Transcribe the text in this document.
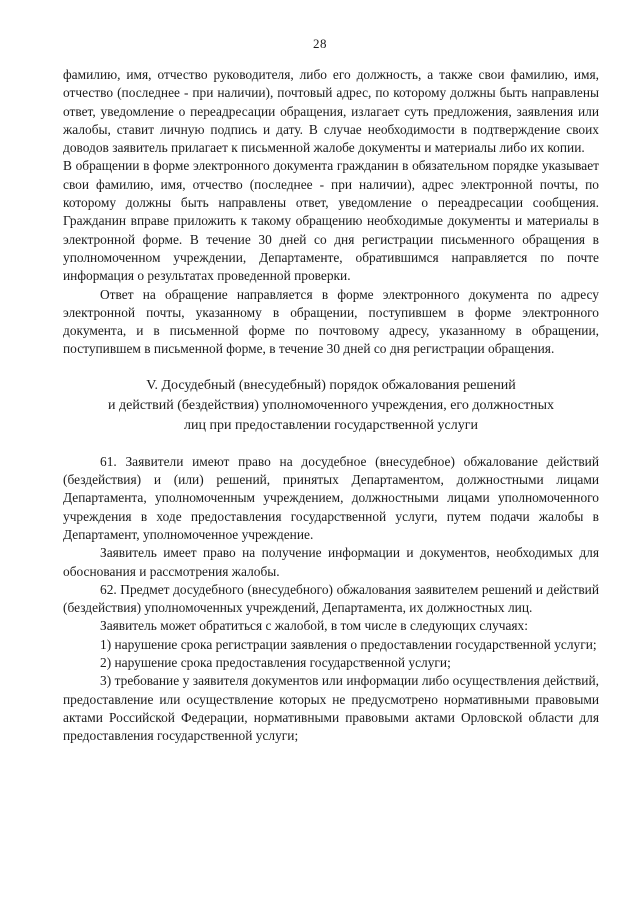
28

фамилию, имя, отчество руководителя, либо его должность, а также свои фамилию, имя, отчество (последнее - при наличии), почтовый адрес, по которому должны быть направлены ответ, уведомление о переадресации обращения, излагает суть предложения, заявления или жалобы, ставит личную подпись и дату. В случае необходимости в подтверждение своих доводов заявитель прилагает к письменной жалобе документы и материалы либо их копии.

В обращении в форме электронного документа гражданин в обязательном порядке указывает свои фамилию, имя, отчество (последнее - при наличии), адрес электронной почты, по которому должны быть направлены ответ, уведомление о переадресации сообщения. Гражданин вправе приложить к такому обращению необходимые документы и материалы в электронной форме. В течение 30 дней со дня регистрации письменного обращения в уполномоченном учреждении, Департаменте, обратившимся направляется по почте информация о результатах проведенной проверки.

Ответ на обращение направляется в форме электронного документа по адресу электронной почты, указанному в обращении, поступившем в форме электронного документа, и в письменной форме по почтовому адресу, указанному в обращении, поступившем в письменной форме, в течение 30 дней со дня регистрации обращения.

V. Досудебный (внесудебный) порядок обжалования решений
и действий (бездействия) уполномоченного учреждения, его должностных
лиц при предоставлении государственной услуги

61. Заявители имеют право на досудебное (внесудебное) обжалование действий (бездействия) и (или) решений, принятых Департаментом, должностными лицами Департамента, уполномоченным учреждением, должностными лицами уполномоченного учреждения в ходе предоставления государственной услуги, путем подачи жалобы в Департамент, уполномоченное учреждение.

Заявитель имеет право на получение информации и документов, необходимых для обоснования и рассмотрения жалобы.

62. Предмет досудебного (внесудебного) обжалования заявителем решений и действий (бездействия) уполномоченных учреждений, Департамента, их должностных лиц.

Заявитель может обратиться с жалобой, в том числе в следующих случаях:

1) нарушение срока регистрации заявления о предоставлении государственной услуги;

2) нарушение срока предоставления государственной услуги;

3) требование у заявителя документов или информации либо осуществления действий, предоставление или осуществление которых не предусмотрено нормативными правовыми актами Российской Федерации, нормативными правовыми актами Орловской области для предоставления государственной услуги;
